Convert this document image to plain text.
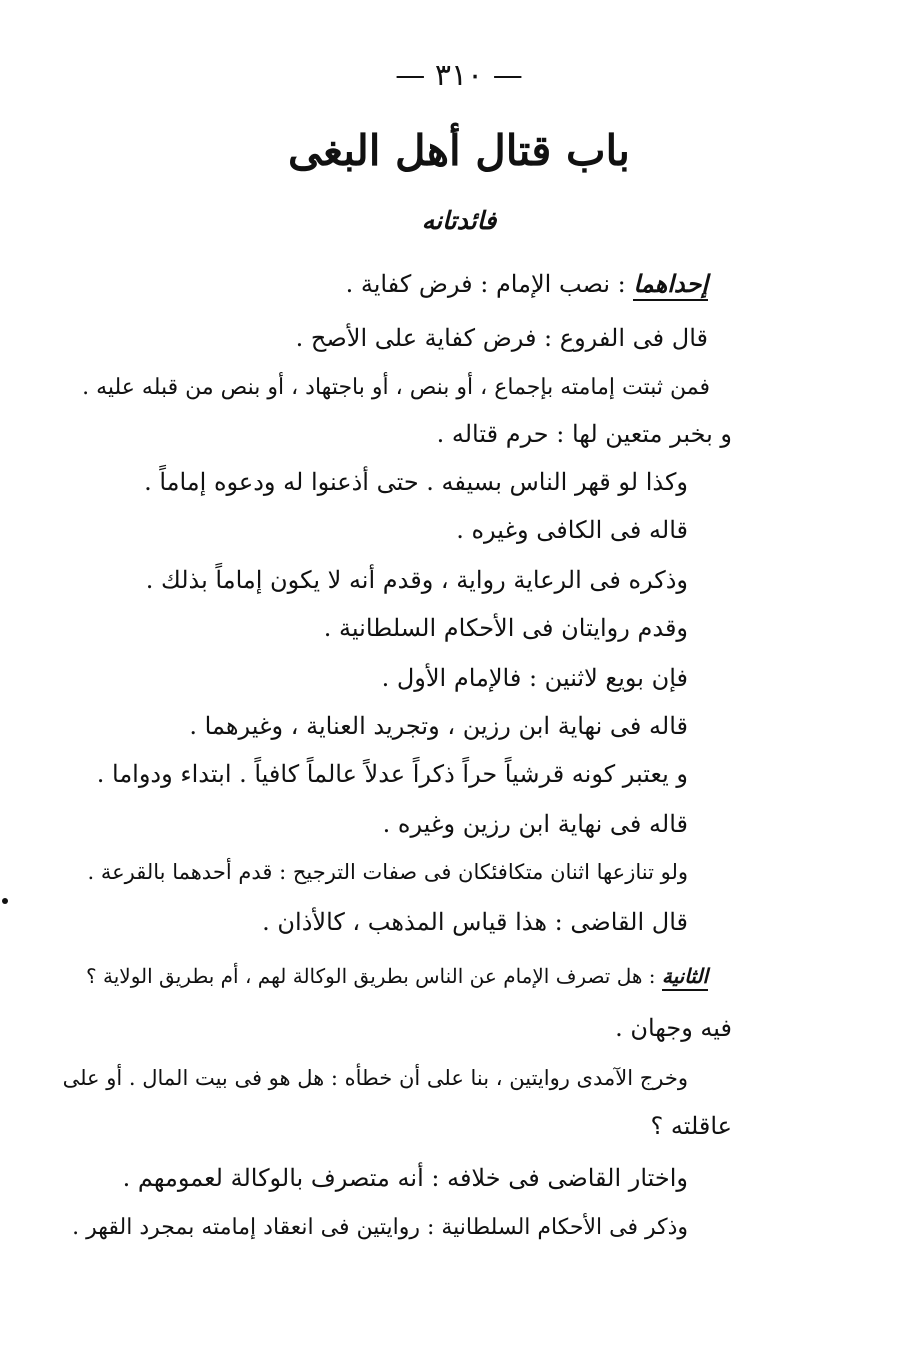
— ٣١٠ —
باب قتال أهل البغى
فائدتانه
إحداهما : نصب الإمام : فرض كفاية .
قال فى الفروع : فرض كفاية على الأصح .
فمن ثبتت إمامته بإجماع ، أو بنص ، أو باجتهاد ، أو بنص من قبله عليه .
و بخبر متعين لها : حرم قتاله .
وكذا لو قهر الناس بسيفه . حتى أذعنوا له ودعوه إماماً .
قاله فى الكافى وغيره .
وذكره فى الرعاية رواية ، وقدم أنه لا يكون إماماً بذلك .
وقدم روايتان فى الأحكام السلطانية .
فإن بويع لاثنين : فالإمام الأول .
قاله فى نهاية ابن رزين ، وتجريد العناية ، وغيرهما .
و يعتبر كونه قرشياً حراً ذكراً عدلاً عالماً كافياً . ابتداء ودواما .
قاله فى نهاية ابن رزين وغيره .
ولو تنازعها اثنان متكافئكان فى صفات الترجيح : قدم أحدهما بالقرعة .
قال القاضى : هذا قياس المذهب ، كالأذان .
الثانية : هل تصرف الإمام عن الناس بطريق الوكالة لهم ، أم بطريق الولاية ؟
فيه وجهان .
وخرج الآمدى روايتين ، بنا على أن خطأه : هل هو فى بيت المال . أو على
عاقلته ؟
واختار القاضى فى خلافه : أنه متصرف بالوكالة لعمومهم .
وذكر فى الأحكام السلطانية : روايتين فى انعقاد إمامته بمجرد القهر .
